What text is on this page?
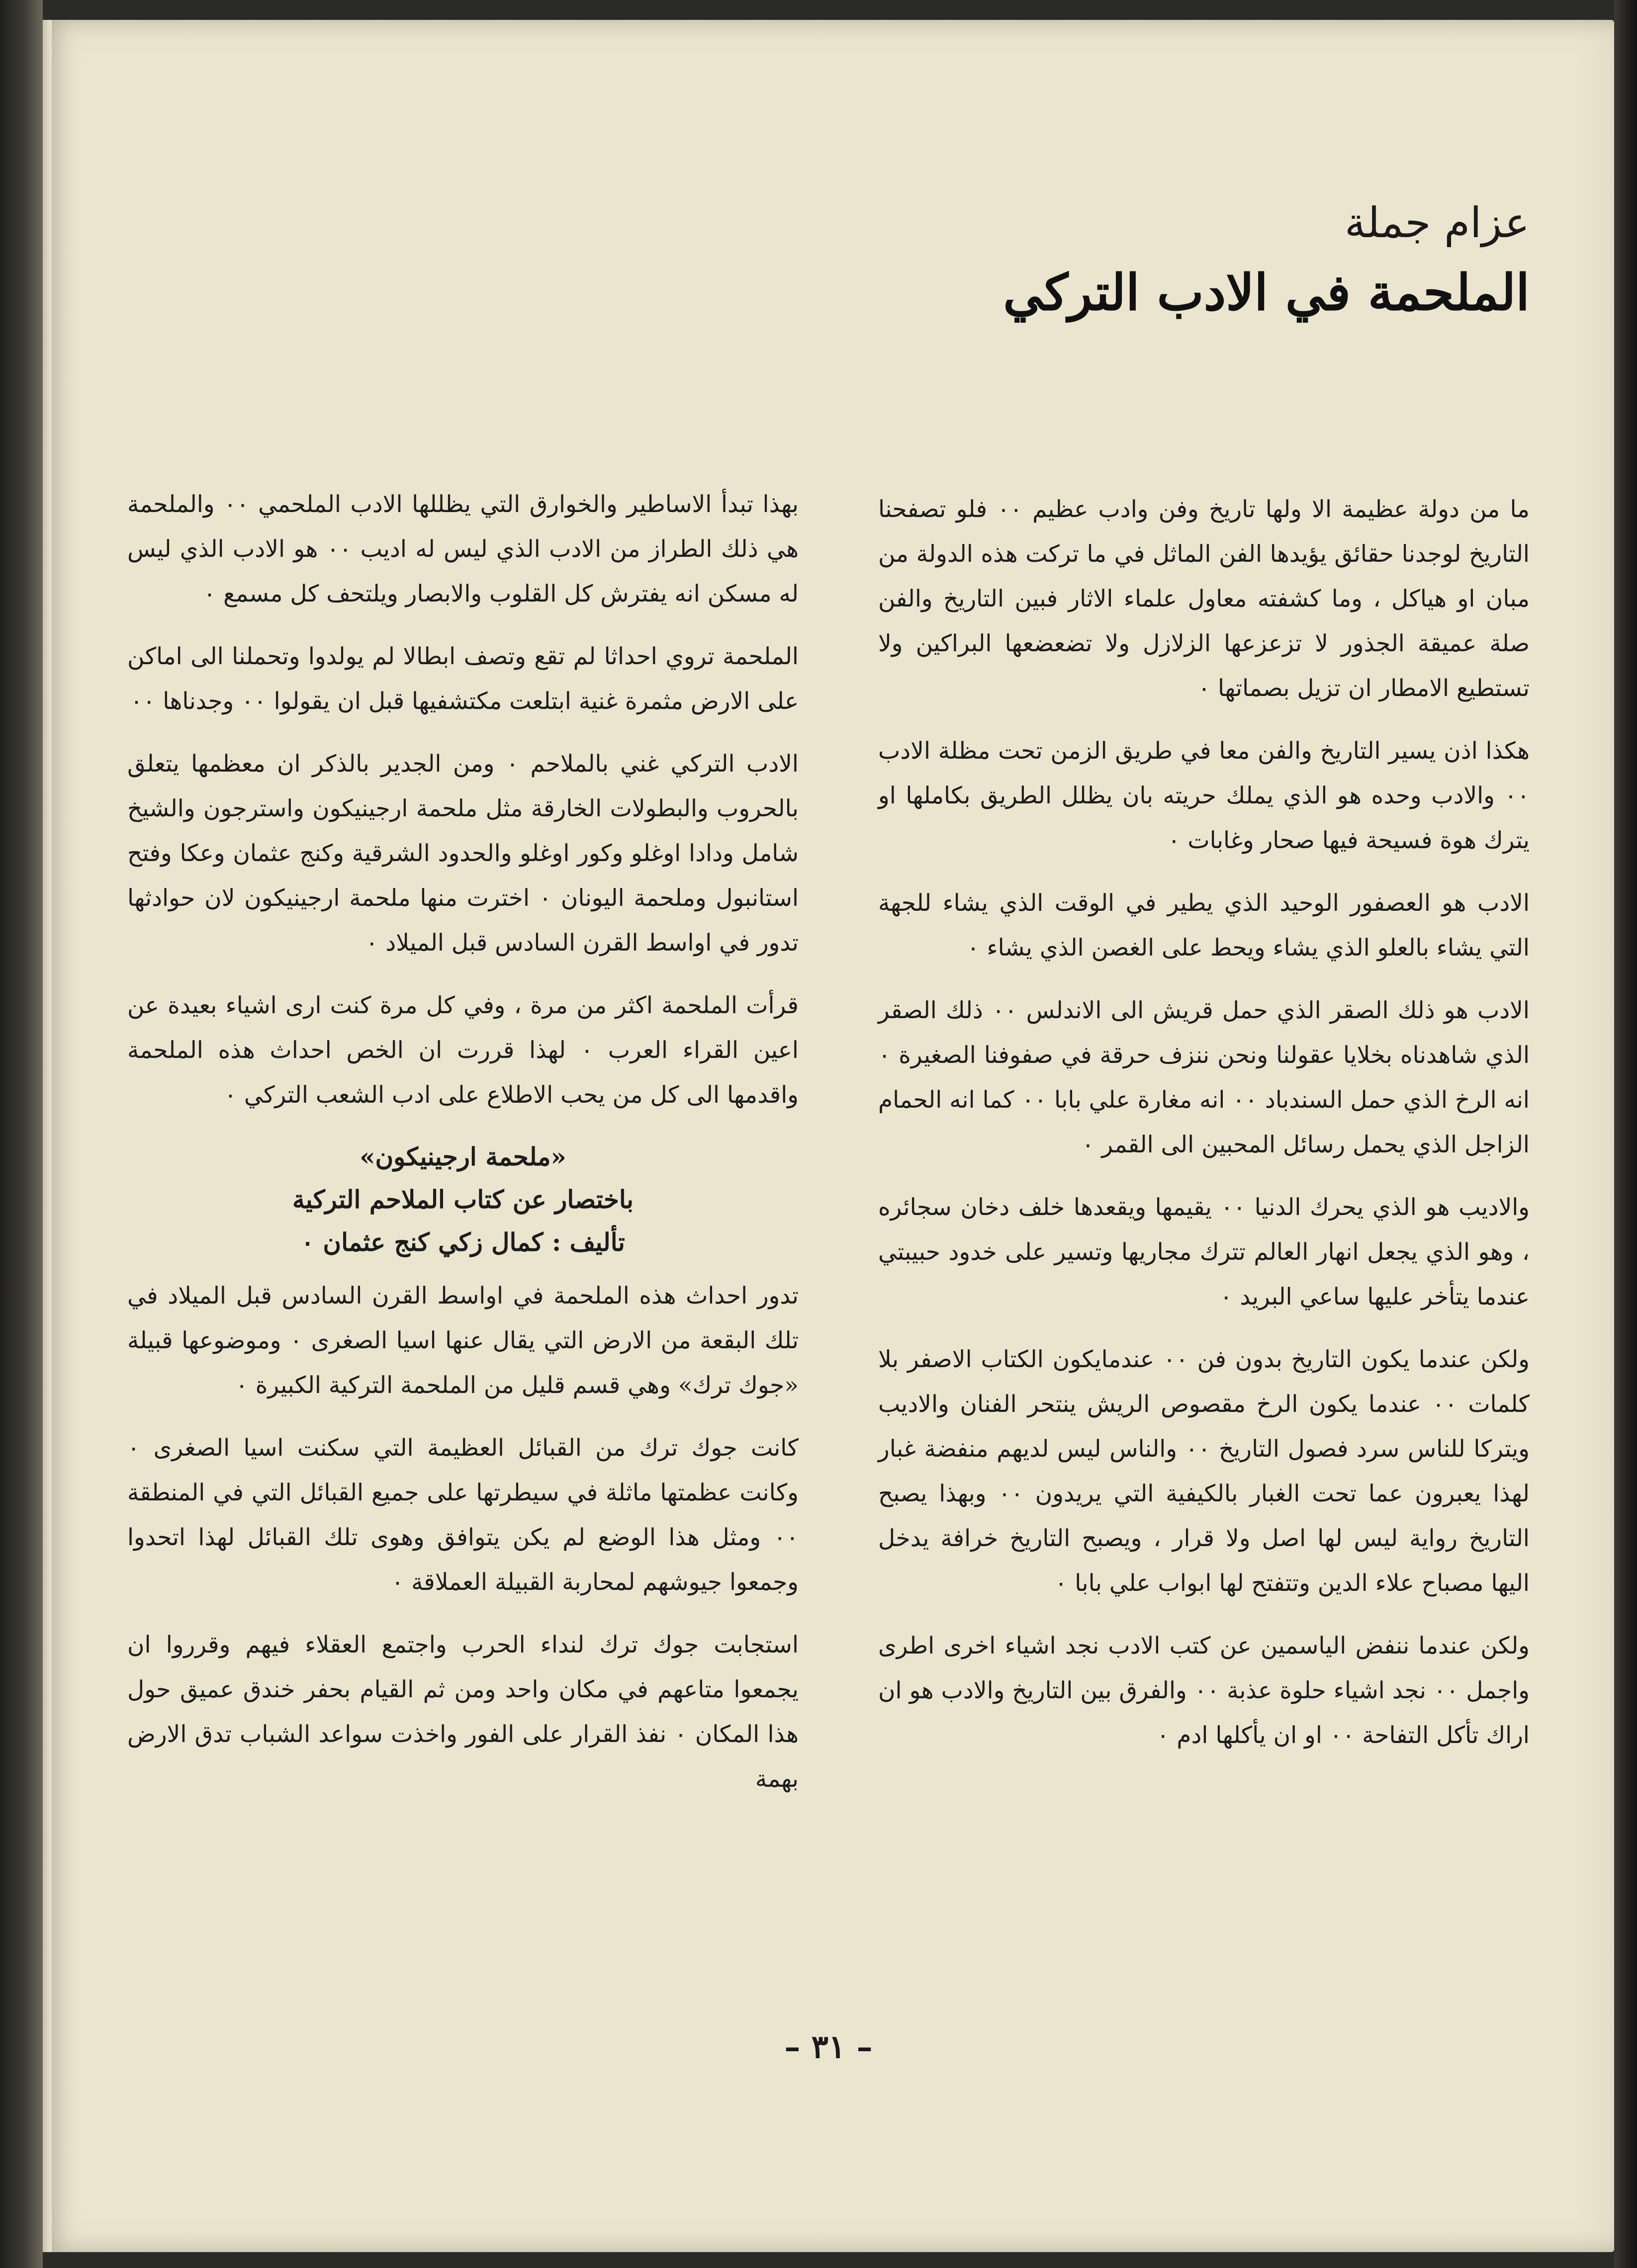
عزام جملة
الملحمة في الادب التركي

ما من دولة عظيمة الا ولها تاريخ وفن وادب عظيم ٠٠ فلو تصفحنا التاريخ لوجدنا حقائق يؤيدها الفن الماثل في ما تركت هذه الدولة من مبان او هياكل ، وما كشفته معاول علماء الاثار فبين التاريخ والفن صلة عميقة الجذور لا تزعزعها الزلازل ولا تضعضعها البراكين ولا تستطيع الامطار ان تزيل بصماتها ٠

هكذا اذن يسير التاريخ والفن معا في طريق الزمن تحت مظلة الادب ٠٠ والادب وحده هو الذي يملك حريته بان يظلل الطريق بكاملها او يترك هوة فسيحة فيها صحار وغابات ٠

الادب هو العصفور الوحيد الذي يطير في الوقت الذي يشاء للجهة التي يشاء بالعلو الذي يشاء ويحط على الغصن الذي يشاء ٠

الادب هو ذلك الصقر الذي حمل قريش الى الاندلس ٠٠ ذلك الصقر الذي شاهدناه بخلايا عقولنا ونحن ننزف حرقة في صفوفنا الصغيرة ٠ انه الرخ الذي حمل السندباد ٠٠ انه مغارة علي بابا ٠٠ كما انه الحمام الزاجل الذي يحمل رسائل المحبين الى القمر ٠

والاديب هو الذي يحرك الدنيا ٠٠ يقيمها ويقعدها خلف دخان سجائره ، وهو الذي يجعل انهار العالم تترك مجاريها وتسير على خدود حبيبتي عندما يتأخر عليها ساعي البريد ٠

ولكن عندما يكون التاريخ بدون فن ٠٠ عندمايكون الكتاب الاصفر بلا كلمات ٠٠ عندما يكون الرخ مقصوص الريش ينتحر الفنان والاديب ويتركا للناس سرد فصول التاريخ ٠٠ والناس ليس لديهم منفضة غبار لهذا يعبرون عما تحت الغبار بالكيفية التي يريدون ٠٠ وبهذا يصبح التاريخ رواية ليس لها اصل ولا قرار ، ويصبح التاريخ خرافة يدخل اليها مصباح علاء الدين وتتفتح لها ابواب علي بابا ٠

ولكن عندما ننفض الياسمين عن كتب الادب نجد اشياء اخرى اطرى واجمل ٠٠ نجد اشياء حلوة عذبة ٠٠ والفرق بين التاريخ والادب هو ان اراك تأكل التفاحة ٠٠ او ان يأكلها ادم ٠

بهذا تبدأ الاساطير والخوارق التي يظللها الادب الملحمي ٠٠ والملحمة هي ذلك الطراز من الادب الذي ليس له اديب ٠٠ هو الادب الذي ليس له مسكن انه يفترش كل القلوب والابصار ويلتحف كل مسمع ٠

الملحمة تروي احداثا لم تقع وتصف ابطالا لم يولدوا وتحملنا الى اماكن على الارض مثمرة غنية ابتلعت مكتشفيها قبل ان يقولوا ٠٠ وجدناها ٠٠

الادب التركي غني بالملاحم ٠ ومن الجدير بالذكر ان معظمها يتعلق بالحروب والبطولات الخارقة مثل ملحمة ارجينيكون واسترجون والشيخ شامل ودادا اوغلو وكور اوغلو والحدود الشرقية وكنج عثمان وعكا وفتح استانبول وملحمة اليونان ٠ اخترت منها ملحمة ارجينيكون لان حوادثها تدور في اواسط القرن السادس قبل الميلاد ٠

قرأت الملحمة اكثر من مرة ، وفي كل مرة كنت ارى اشياء بعيدة عن اعين القراء العرب ٠ لهذا قررت ان الخص احداث هذه الملحمة واقدمها الى كل من يحب الاطلاع على ادب الشعب التركي ٠

«ملحمة ارجينيكون»
باختصار عن كتاب الملاحم التركية
تأليف : كمال زكي كنج عثمان ٠

تدور احداث هذه الملحمة في اواسط القرن السادس قبل الميلاد في تلك البقعة من الارض التي يقال عنها اسيا الصغرى ٠ وموضوعها قبيلة «جوك ترك» وهي قسم قليل من الملحمة التركية الكبيرة ٠

كانت جوك ترك من القبائل العظيمة التي سكنت اسيا الصغرى ٠ وكانت عظمتها ماثلة في سيطرتها على جميع القبائل التي في المنطقة ٠٠ ومثل هذا الوضع لم يكن يتوافق وهوى تلك القبائل لهذا اتحدوا وجمعوا جيوشهم لمحاربة القبيلة العملاقة ٠

استجابت جوك ترك لنداء الحرب واجتمع العقلاء فيهم وقرروا ان يجمعوا متاعهم في مكان واحد ومن ثم القيام بحفر خندق عميق حول هذا المكان ٠ نفذ القرار على الفور واخذت سواعد الشباب تدق الارض بهمة

– ٣١ –
